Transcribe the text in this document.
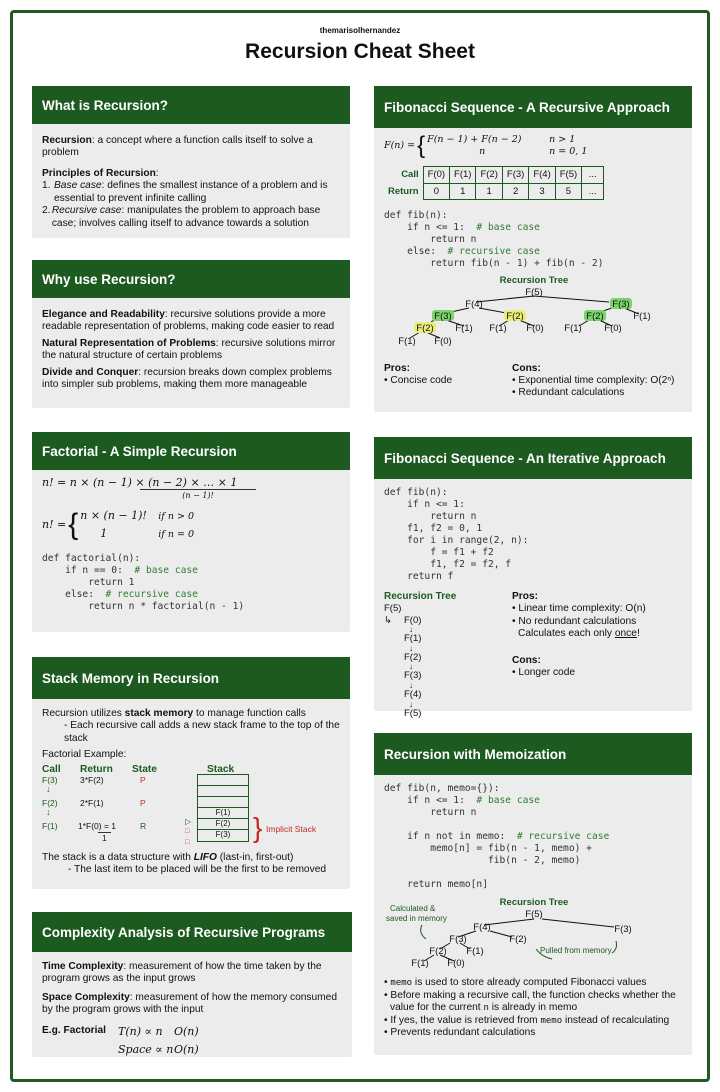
themarisolhernandez
Recursion Cheat Sheet
What is Recursion?
Recursion: a concept where a function calls itself to solve a problem
Principles of Recursion:
1. Base case: defines the smallest instance of a problem and is essential to prevent infinite calling
2. Recursive case: manipulates the problem to approach base case; involves calling itself to advance towards a solution
Why use Recursion?
Elegance and Readability: recursive solutions provide a more readable representation of problems, making code easier to read
Natural Representation of Problems: recursive solutions mirror the natural structure of certain problems
Divide and Conquer: recursion breaks down complex problems into simpler sub problems, making them more manageable
Factorial - A Simple Recursion
n! = n × (n − 1) × (n − 2) × … × 1
(n − 1)!
n! = { n × (n − 1)! if n > 0
1	if n = 0
def factorial(n):
if n == 0:  # base case
return 1
else:  # recursive case
return n * factorial(n - 1)
Stack Memory in Recursion
Recursion utilizes stack memory to manage function calls
- Each recursive call adds a new stack frame to the top of the stack
Factorial Example:
Call Return State	Stack
F(3)	3*F(2)	P
↓
F(2)	2*F(1)	P
↓
F(1) 1*F(0) = 1	R
1
F(1)
F(2)
F(3)
▷
□
□ } Implicit Stack
The stack is a data structure with LIFO (last-in, first-out)
- The last item to be placed will be the first to be removed
Complexity Analysis of Recursive Programs
Time Complexity: measurement of how the time taken by the program grows as the input grows
Space Complexity: measurement of how the memory consumed by the program grows with the input
E.g. Factorial	T(n) ∝ n O(n)
Space ∝ nO(n)
Fibonacci Sequence - A Recursive Approach
F(n) = { F(n − 1) + F(n − 2)	n > 1
n	n = 0, 1
Call	F(0)	F(1)	F(2)	F(3)	F(4)	F(5)	...
Return	0	1	1	2	3	5	...
def fib(n):
if n <= 1:  # base case
return n
else:  # recursive case
return fib(n - 1) + fib(n - 2)
Recursion Tree
F(5)
F(4)	F(3)
F(3)	F(2)	F(2)	F(1)
F(2) F(1) F(1) F(0) F(1) F(0)
F(1) F(0)
Pros:
• Concise code
Cons:
• Exponential time complexity: O(2ⁿ)
• Redundant calculations
Fibonacci Sequence - An Iterative Approach
def fib(n):
if n <= 1:
return n
f1, f2 = 0, 1
for i in range(2, n):
f = f1 + f2
f1, f2 = f2, f
return f
Recursion Tree
F(5)
↳	F(0)
↓
F(1)
↓
F(2)
↓
F(3)
↓
F(4)
↓
F(5)
Pros:
• Linear time complexity: O(n)
• No redundant calculations
Calculates each only once!
Cons:
• Longer code
Recursion with Memoization
def fib(n, memo={}):
if n <= 1:  # base case
return n

if n not in memo:  # recursive case
memo[n] = fib(n - 1, memo) +
fib(n - 2, memo)

return memo[n]
Recursion Tree
F(5)
F(4)	F(3)
F(3)	F(2)
F(2) F(1)
F(1) F(0)
Calculated & saved in memory
Pulled from memory
• memo is used to store already computed Fibonacci values
• Before making a recursive call, the function checks whether the value for the current n is already in memo
• If yes, the value is retrieved from memo instead of recalculating
• Prevents redundant calculations
